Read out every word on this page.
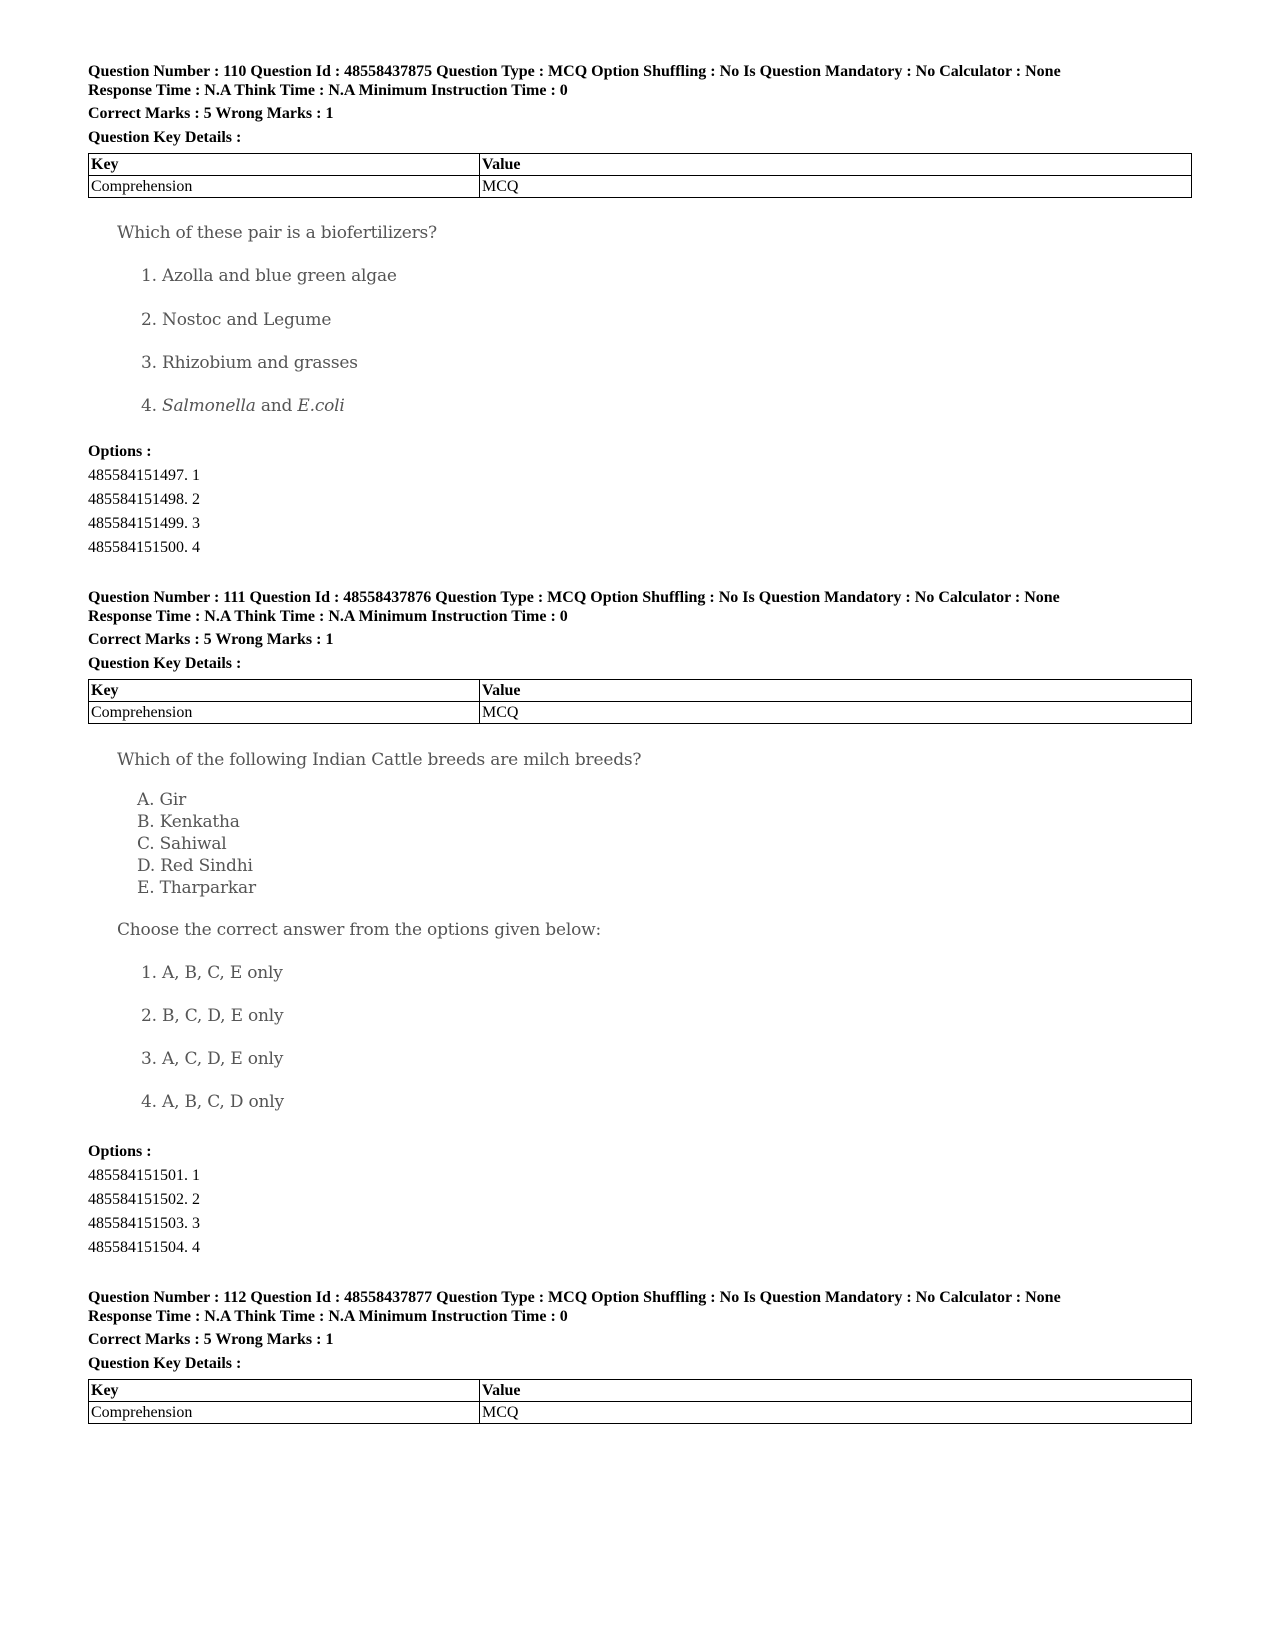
Question Number : 110 Question Id : 48558437875 Question Type : MCQ Option Shuffling : No Is Question Mandatory : No Calculator : None

Response Time : N.A Think Time : N.A Minimum Instruction Time : 0

Correct Marks : 5 Wrong Marks : 1

Question Key Details :

Key	Value
Comprehension	MCQ
Which of these pair is a biofertilizers?
1. Azolla and blue green algae
2. Nostoc and Legume
3. Rhizobium and grasses
4. Salmonella and E.coli
Options :
485584151497. 1
485584151498. 2
485584151499. 3
485584151500. 4

Question Number : 111 Question Id : 48558437876 Question Type : MCQ Option Shuffling : No Is Question Mandatory : No Calculator : None

Response Time : N.A Think Time : N.A Minimum Instruction Time : 0

Correct Marks : 5 Wrong Marks : 1

Question Key Details :

Key	Value
Comprehension	MCQ
Which of the following Indian Cattle breeds are milch breeds?
A. Gir
B. Kenkatha
C. Sahiwal
D. Red Sindhi
E. Tharparkar
Choose the correct answer from the options given below:
1. A, B, C, E only
2. B, C, D, E only
3. A, C, D, E only
4. A, B, C, D only
Options :
485584151501. 1
485584151502. 2
485584151503. 3
485584151504. 4

Question Number : 112 Question Id : 48558437877 Question Type : MCQ Option Shuffling : No Is Question Mandatory : No Calculator : None

Response Time : N.A Think Time : N.A Minimum Instruction Time : 0

Correct Marks : 5 Wrong Marks : 1

Question Key Details :

Key	Value
Comprehension	MCQ
